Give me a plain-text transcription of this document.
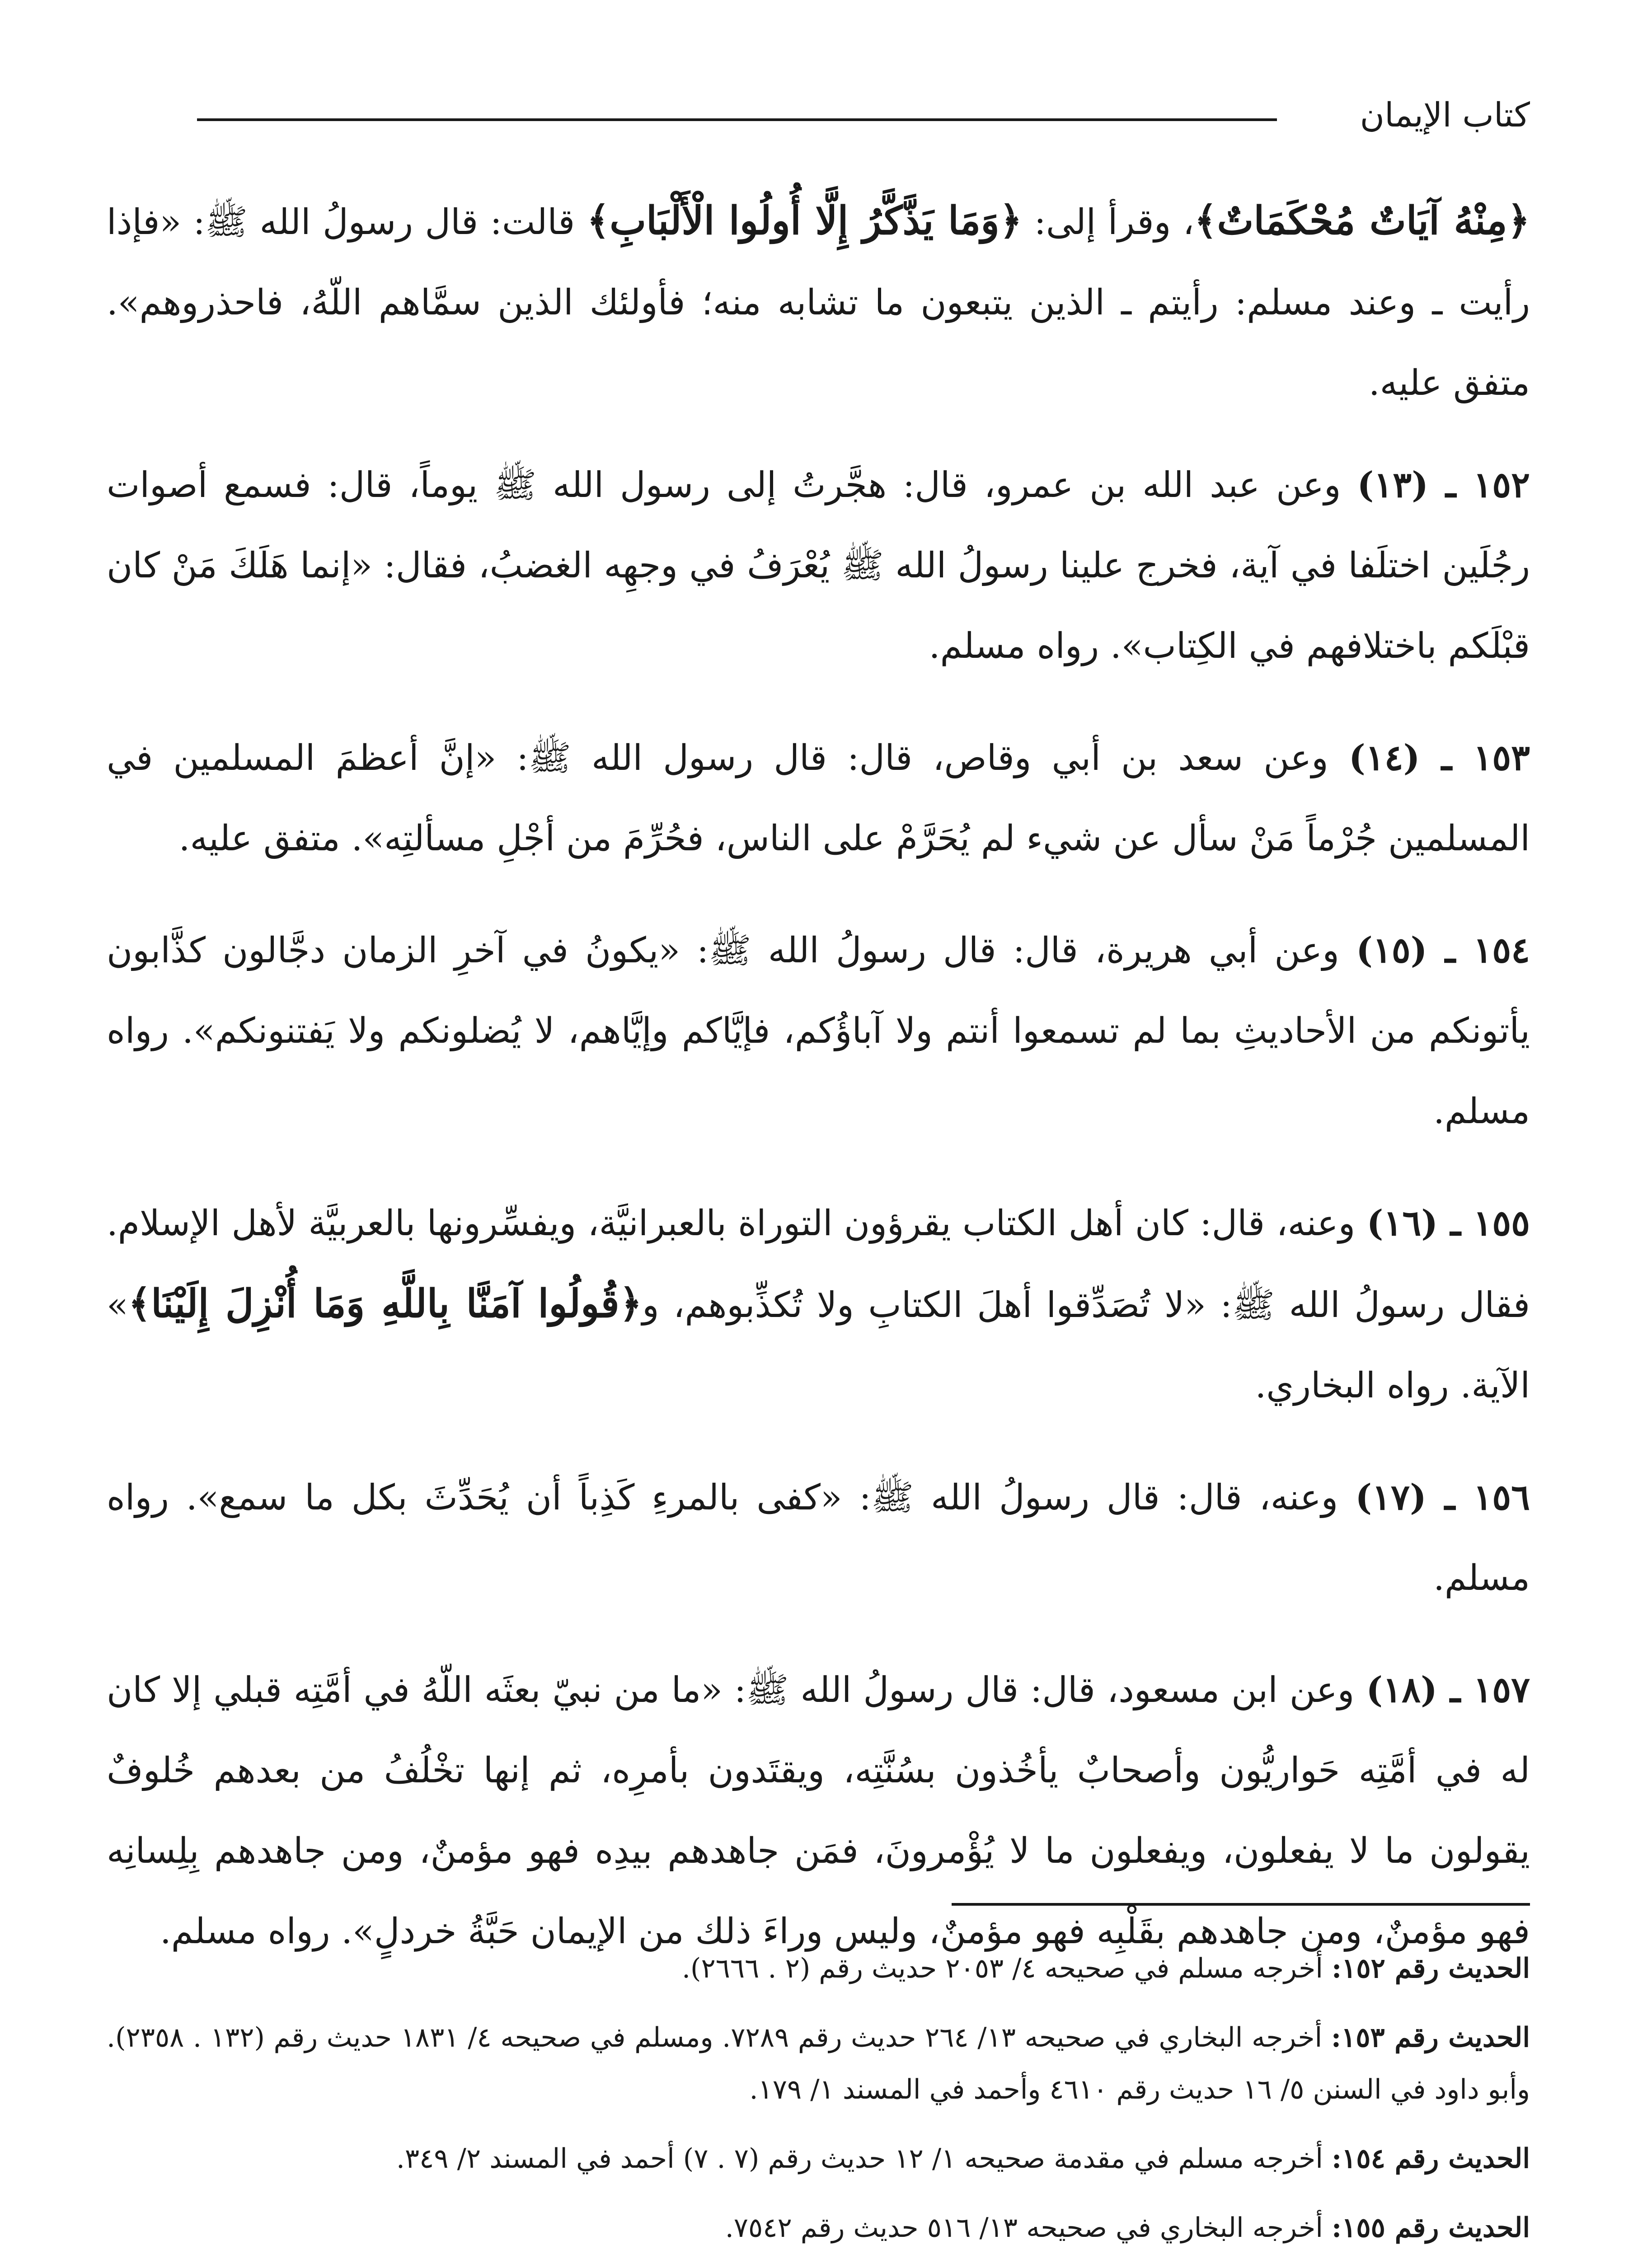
كتاب الإيمان

﴿مِنْهُ آيَاتٌ مُحْكَمَاتٌ﴾، وقرأ إلى: ﴿وَمَا يَذَّكَّرُ إِلَّا أُولُوا الْأَلْبَابِ﴾ قالت: قال رسولُ الله ﷺ: «فإذا رأيت ـ وعند مسلم: رأيتم ـ الذين يتبعون ما تشابه منه؛ فأولئك الذين سمَّاهم اللّهُ، فاحذروهم». متفق عليه.

١٥٢ ـ (١٣) وعن عبد الله بن عمرو، قال: هجَّرتُ إلى رسول الله ﷺ يوماً، قال: فسمع أصوات رجُلَين اختلَفا في آية، فخرج علينا رسولُ الله ﷺ يُعْرَفُ في وجهِه الغضبُ، فقال: «إنما هَلَكَ مَنْ كان قبْلَكم باختلافهم في الكِتاب». رواه مسلم.

١٥٣ ـ (١٤) وعن سعد بن أبي وقاص، قال: قال رسول الله ﷺ: «إنَّ أعظمَ المسلمين في المسلمين جُرْماً مَنْ سأل عن شيء لم يُحَرَّمْ على الناس، فحُرِّمَ من أجْلِ مسألتِه». متفق عليه.

١٥٤ ـ (١٥) وعن أبي هريرة، قال: قال رسولُ الله ﷺ: «يكونُ في آخرِ الزمان دجَّالون كذَّابون يأتونكم من الأحاديثِ بما لم تسمعوا أنتم ولا آباؤُكم، فإيَّاكم وإيَّاهم، لا يُضلونكم ولا يَفتنونكم». رواه مسلم.

١٥٥ ـ (١٦) وعنه، قال: كان أهل الكتاب يقرؤون التوراة بالعبرانيَّة، ويفسِّرونها بالعربيَّة لأهل الإسلام. فقال رسولُ الله ﷺ: «لا تُصَدِّقوا أهلَ الكتابِ ولا تُكذِّبوهم، و﴿قُولُوا آمَنَّا بِاللَّهِ وَمَا أُنْزِلَ إِلَيْنَا﴾» الآية. رواه البخاري.

١٥٦ ـ (١٧) وعنه، قال: قال رسولُ الله ﷺ: «كفى بالمرءِ كَذِباً أن يُحَدِّثَ بكل ما سمع». رواه مسلم.

١٥٧ ـ (١٨) وعن ابن مسعود، قال: قال رسولُ الله ﷺ: «ما من نبيّ بعثَه اللّهُ في أمَّتِه قبلي إلا كان له في أمَّتِه حَواريُّون وأصحابٌ يأخُذون بسُنَّتِه، ويقتَدون بأمرِه، ثم إنها تخْلُفُ من بعدهم خُلوفٌ يقولون ما لا يفعلون، ويفعلون ما لا يُؤْمرونَ، فمَن جاهدهم بيدِه فهو مؤمنٌ، ومن جاهدهم بِلِسانِه فهو مؤمنٌ، ومن جاهدهم بقَلْبِه فهو مؤمنٌ، وليس وراءَ ذلك من الإيمان حَبَّةُ خردلٍ». رواه مسلم.

الحديث رقم ١٥٢: أخرجه مسلم في صحيحه ٤/ ٢٠٥٣ حديث رقم (٢ . ٢٦٦٦).

الحديث رقم ١٥٣: أخرجه البخاري في صحيحه ١٣/ ٢٦٤ حديث رقم ٧٢٨٩. ومسلم في صحيحه ٤/ ١٨٣١ حديث رقم (١٣٢ . ٢٣٥٨). وأبو داود في السنن ٥/ ١٦ حديث رقم ٤٦١٠ وأحمد في المسند ١/ ١٧٩.

الحديث رقم ١٥٤: أخرجه مسلم في مقدمة صحيحه ١/ ١٢ حديث رقم (٧ . ٧) أحمد في المسند ٢/ ٣٤٩.

الحديث رقم ١٥٥: أخرجه البخاري في صحيحه ١٣/ ٥١٦ حديث رقم ٧٥٤٢.
